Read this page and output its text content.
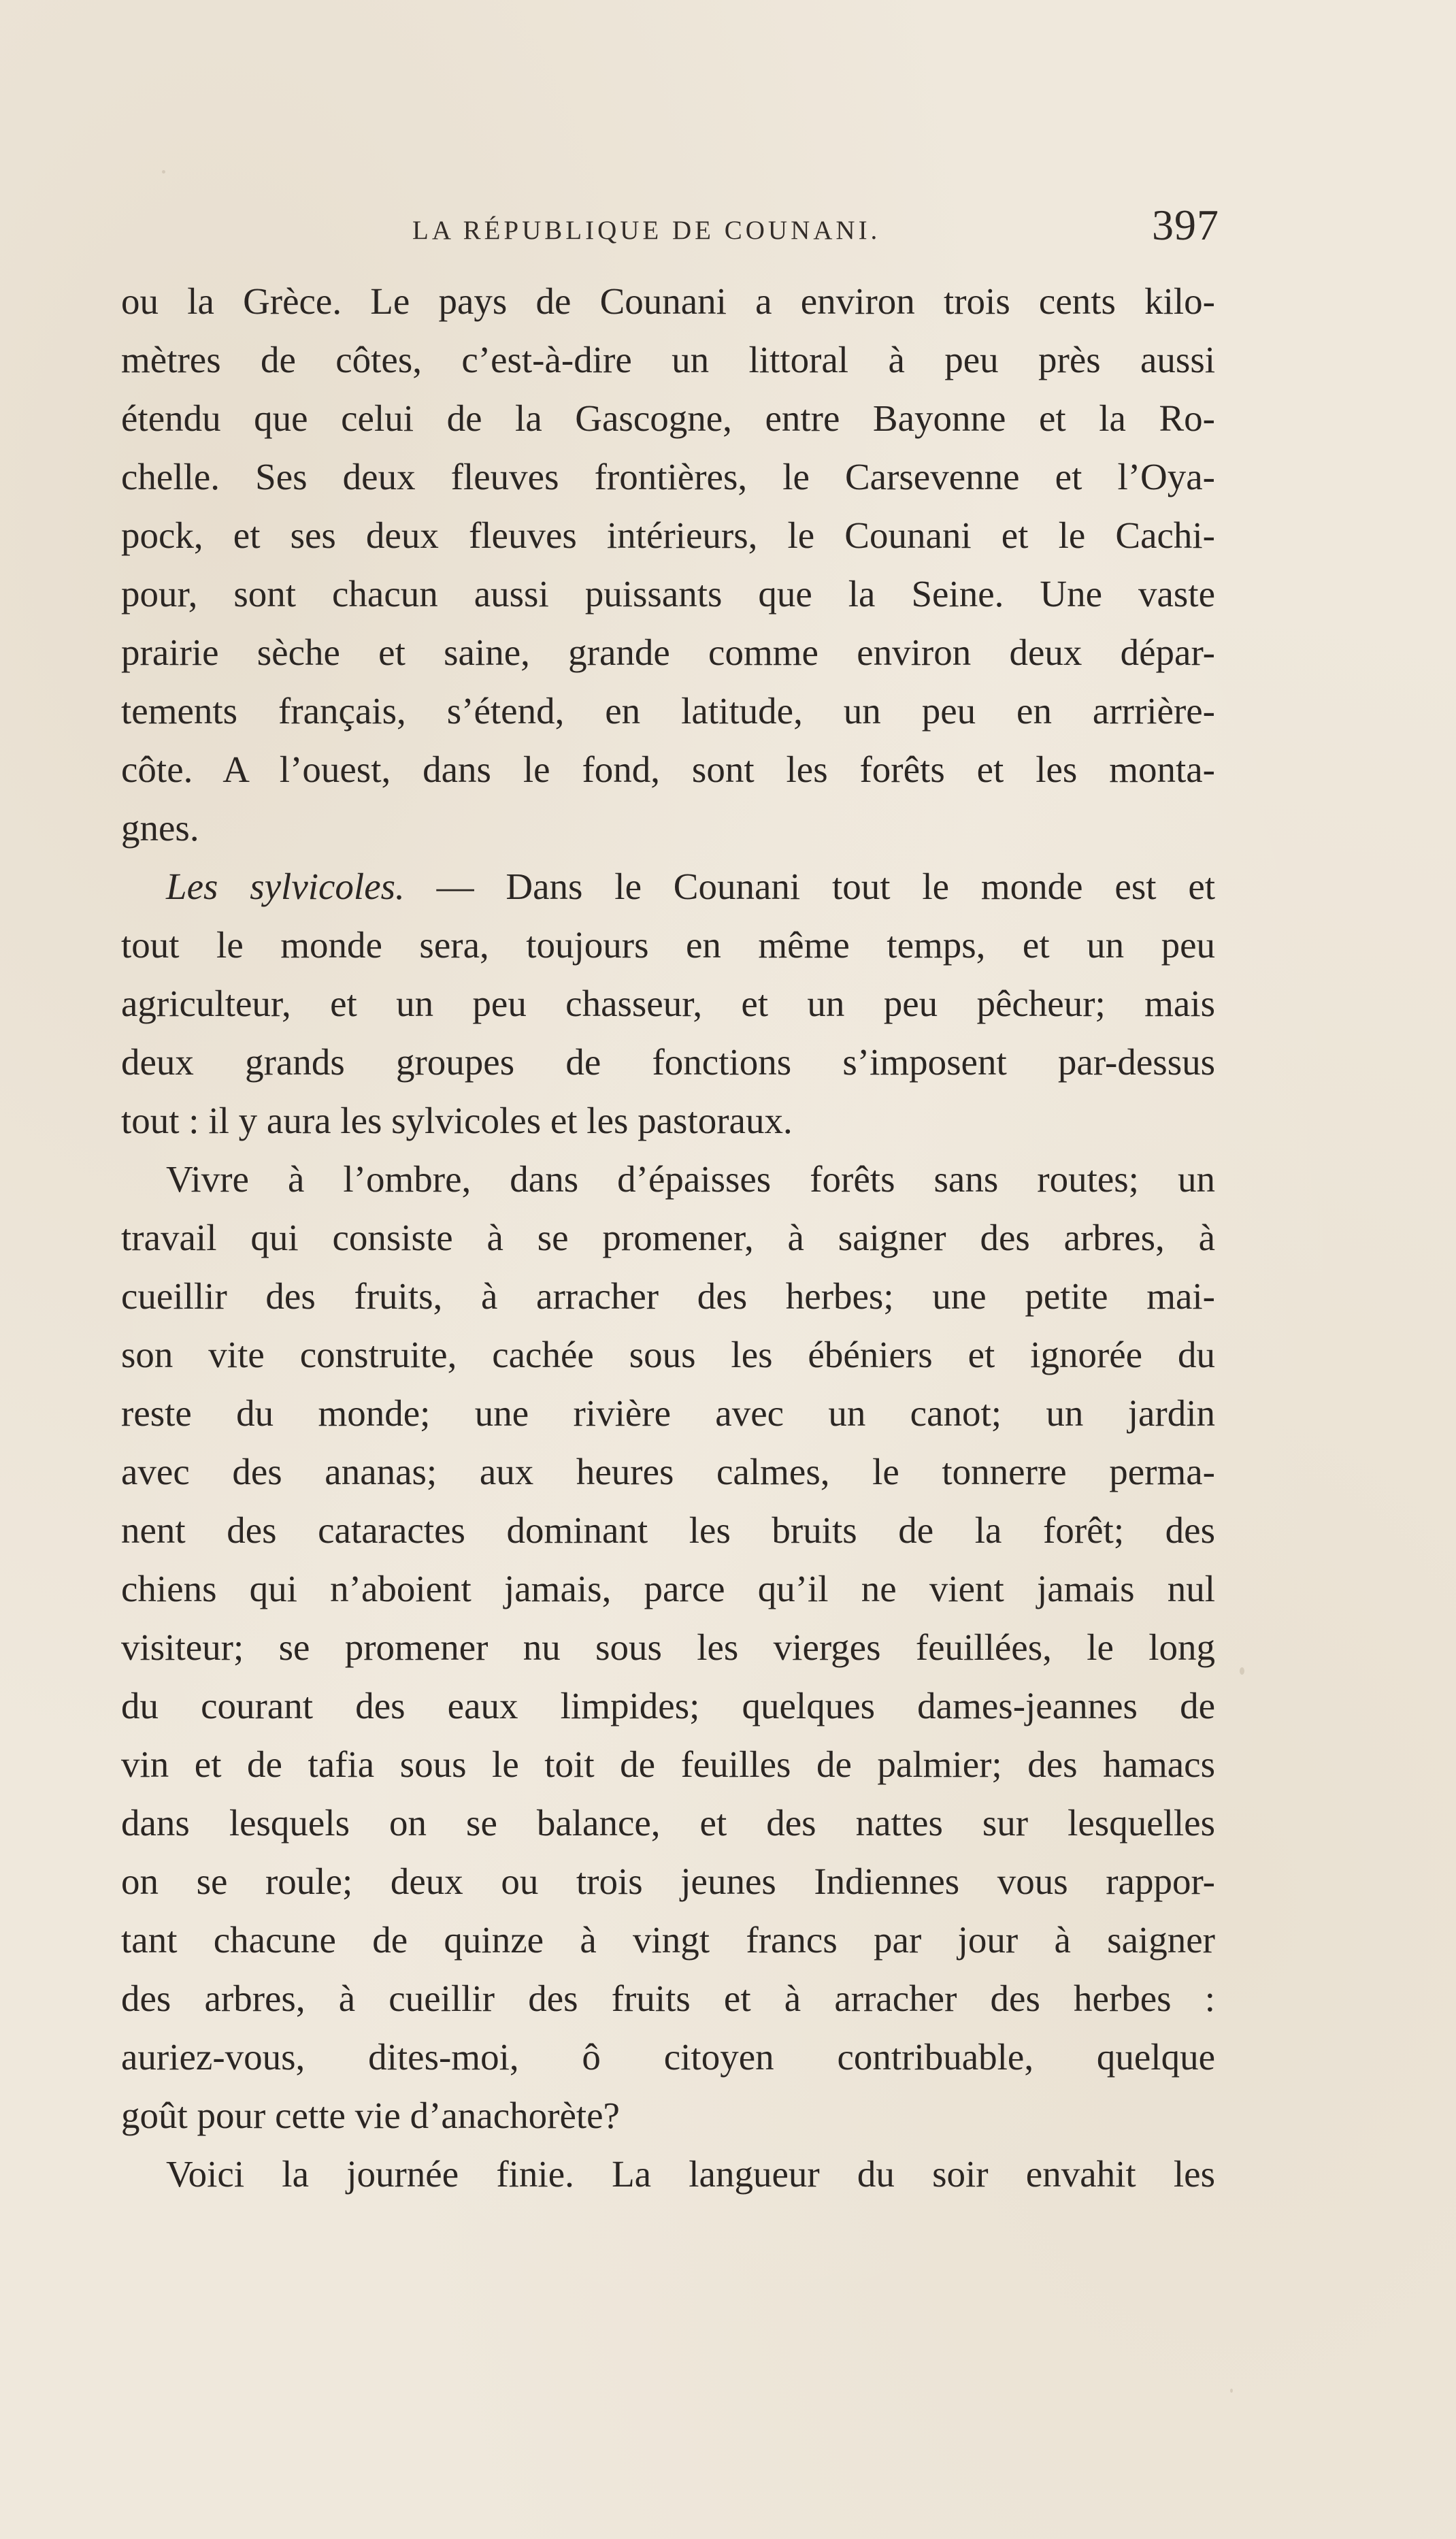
LA RÉPUBLIQUE DE COUNANI.	397
ou la Grèce. Le pays de Counani a environ trois cents kilo-
mètres de côtes, c’est-à-dire un littoral à peu près aussi
étendu que celui de la Gascogne, entre Bayonne et la Ro-
chelle. Ses deux fleuves frontières, le Carsevenne et l’Oya-
pock, et ses deux fleuves intérieurs, le Counani et le Cachi-
pour, sont chacun aussi puissants que la Seine. Une vaste
prairie sèche et saine, grande comme environ deux dépar-
tements français, s’étend, en latitude, un peu en arrrière-
côte. A l’ouest, dans le fond, sont les forêts et les monta-
gnes.
Les sylvicoles. — Dans le Counani tout le monde est et
tout le monde sera, toujours en même temps, et un peu
agriculteur, et un peu chasseur, et un peu pêcheur; mais
deux grands groupes de fonctions s’imposent par-dessus
tout : il y aura les sylvicoles et les pastoraux.
Vivre à l’ombre, dans d’épaisses forêts sans routes; un
travail qui consiste à se promener, à saigner des arbres, à
cueillir des fruits, à arracher des herbes; une petite mai-
son vite construite, cachée sous les ébéniers et ignorée du
reste du monde; une rivière avec un canot; un jardin
avec des ananas; aux heures calmes, le tonnerre perma-
nent des cataractes dominant les bruits de la forêt; des
chiens qui n’aboient jamais, parce qu’il ne vient jamais nul
visiteur; se promener nu sous les vierges feuillées, le long
du courant des eaux limpides; quelques dames-jeannes de
vin et de tafia sous le toit de feuilles de palmier; des hamacs
dans lesquels on se balance, et des nattes sur lesquelles
on se roule; deux ou trois jeunes Indiennes vous rappor-
tant chacune de quinze à vingt francs par jour à saigner
des arbres, à cueillir des fruits et à arracher des herbes :
auriez-vous, dites-moi, ô citoyen contribuable, quelque
goût pour cette vie d’anachorète?
Voici la journée finie. La langueur du soir envahit les
